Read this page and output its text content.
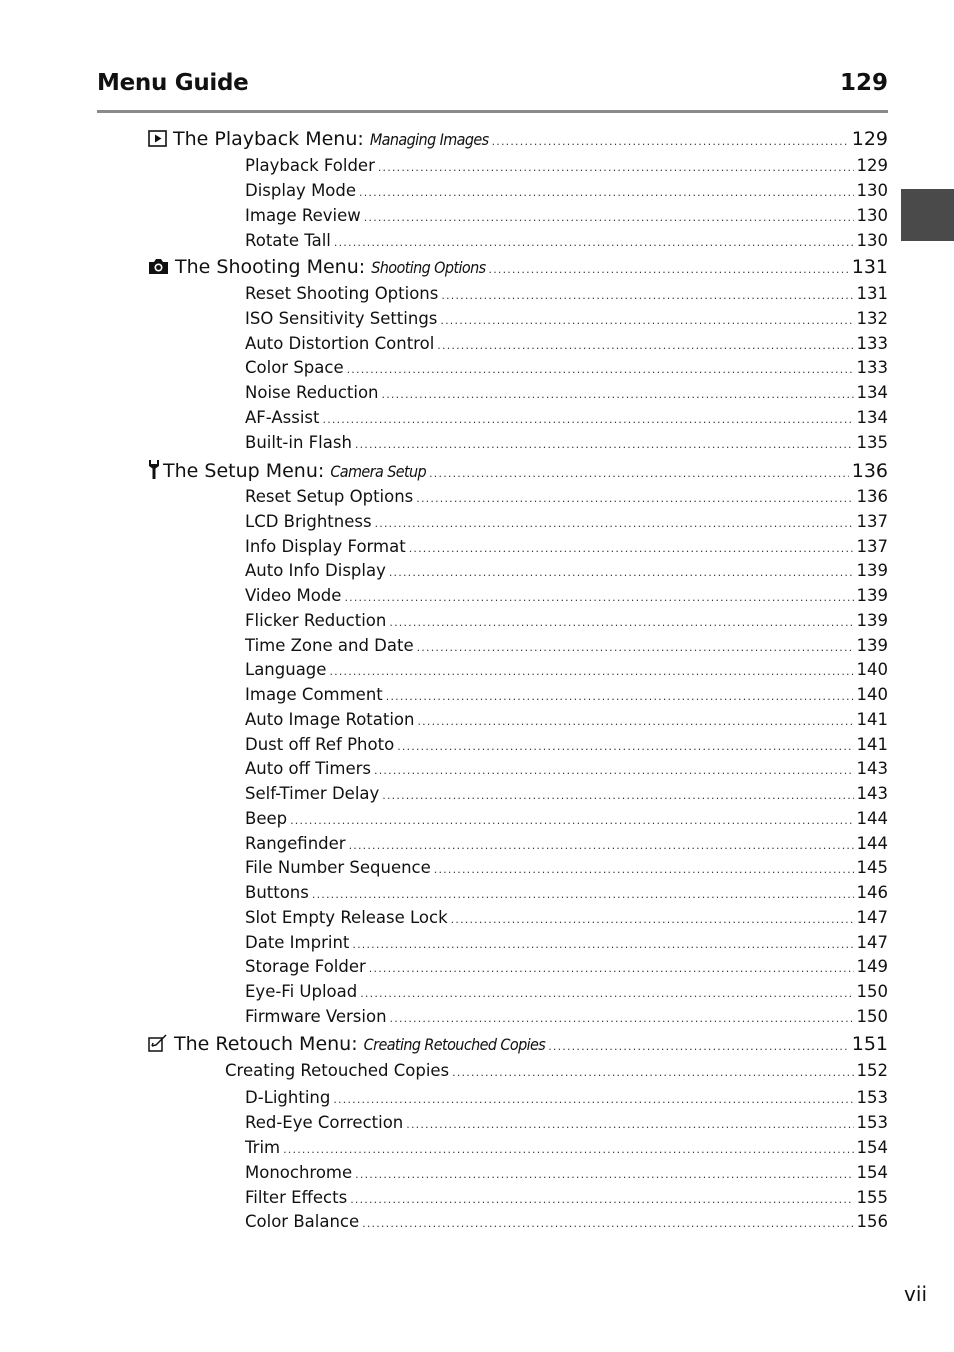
Menu Guide	129
The Playback Menu: Managing Images .....	129
Playback Folder .....	129
Display Mode .....	130
Image Review .....	130
Rotate Tall .....	130
The Shooting Menu: Shooting Options .....	131
Reset Shooting Options .....	131
ISO Sensitivity Settings .....	132
Auto Distortion Control .....	133
Color Space .....	133
Noise Reduction .....	134
AF-Assist .....	134
Built-in Flash .....	135
The Setup Menu: Camera Setup .....	136
Reset Setup Options .....	136
LCD Brightness .....	137
Info Display Format .....	137
Auto Info Display .....	139
Video Mode .....	139
Flicker Reduction .....	139
Time Zone and Date .....	139
Language .....	140
Image Comment .....	140
Auto Image Rotation .....	141
Dust off Ref Photo .....	141
Auto off Timers .....	143
Self-Timer Delay .....	143
Beep .....	144
Rangefinder .....	144
File Number Sequence .....	145
Buttons .....	146
Slot Empty Release Lock .....	147
Date Imprint .....	147
Storage Folder .....	149
Eye-Fi Upload .....	150
Firmware Version .....	150
The Retouch Menu: Creating Retouched Copies .....	151
Creating Retouched Copies .....	152
D-Lighting .....	153
Red-Eye Correction .....	153
Trim .....	154
Monochrome .....	154
Filter Effects .....	155
Color Balance .....	156
vii
